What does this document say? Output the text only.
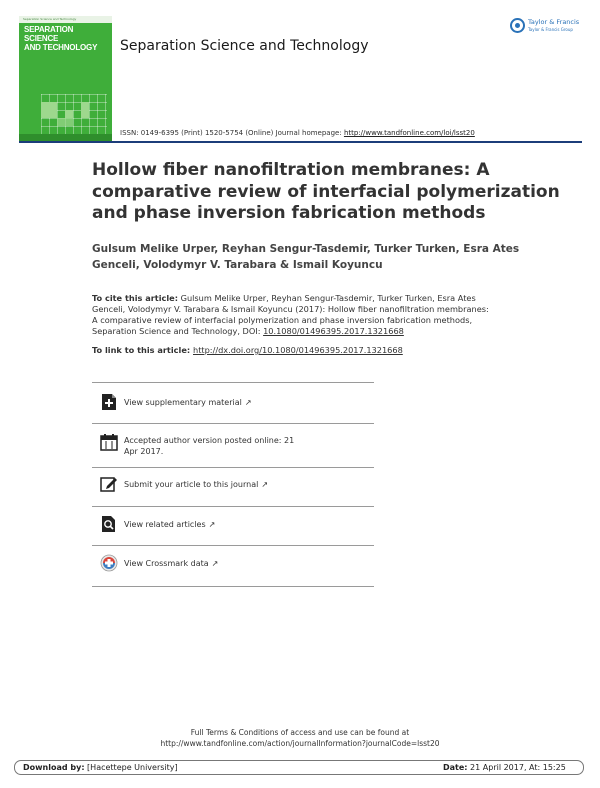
Separation Science and Technology
SEPARATION SCIENCE
AND TECHNOLOGY
Taylor & Francis
Taylor & Francis Group
Separation Science and Technology
ISSN: 0149-6395 (Print) 1520-5754 (Online) Journal homepage: http://www.tandfonline.com/loi/lsst20
Hollow fiber nanofiltration membranes: A
comparative review of interfacial polymerization
and phase inversion fabrication methods
Gulsum Melike Urper, Reyhan Sengur-Tasdemir, Turker Turken, Esra Ates
Genceli, Volodymyr V. Tarabara & Ismail Koyuncu
To cite this article: Gulsum Melike Urper, Reyhan Sengur-Tasdemir, Turker Turken, Esra Ates
Genceli, Volodymyr V. Tarabara & Ismail Koyuncu (2017): Hollow fiber nanofiltration membranes:
A comparative review of interfacial polymerization and phase inversion fabrication methods,
Separation Science and Technology, DOI: 10.1080/01496395.2017.1321668
To link to this article: http://dx.doi.org/10.1080/01496395.2017.1321668
View supplementary material ↗
Accepted author version posted online: 21
Apr 2017.
Submit your article to this journal ↗
View related articles ↗
View Crossmark data ↗
Full Terms & Conditions of access and use can be found at
http://www.tandfonline.com/action/journalInformation?journalCode=lsst20
Download by: [Hacettepe University]	Date: 21 April 2017, At: 15:25
